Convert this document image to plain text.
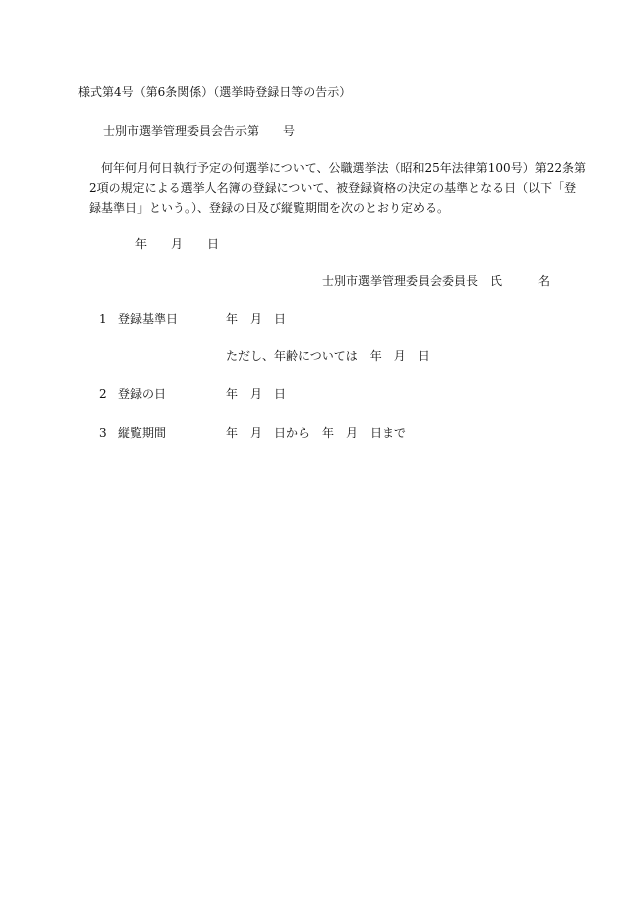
様式第4号（第6条関係）（選挙時登録日等の告示）
士別市選挙管理委員会告示第　　号
何年何月何日執行予定の何選挙について、公職選挙法（昭和25年法律第100号）第22条第
2項の規定による選挙人名簿の登録について、被登録資格の決定の基準となる日（以下「登
録基準日」という。）、登録の日及び縦覧期間を次のとおり定める。
年　　月　　日
士別市選挙管理委員会委員長　氏　　　名
1 登録基準日	年　月　日
ただし、年齢については　年　月　日
2 登録の日	年　月　日
3 縦覧期間	年　月　日から　年　月　日まで
